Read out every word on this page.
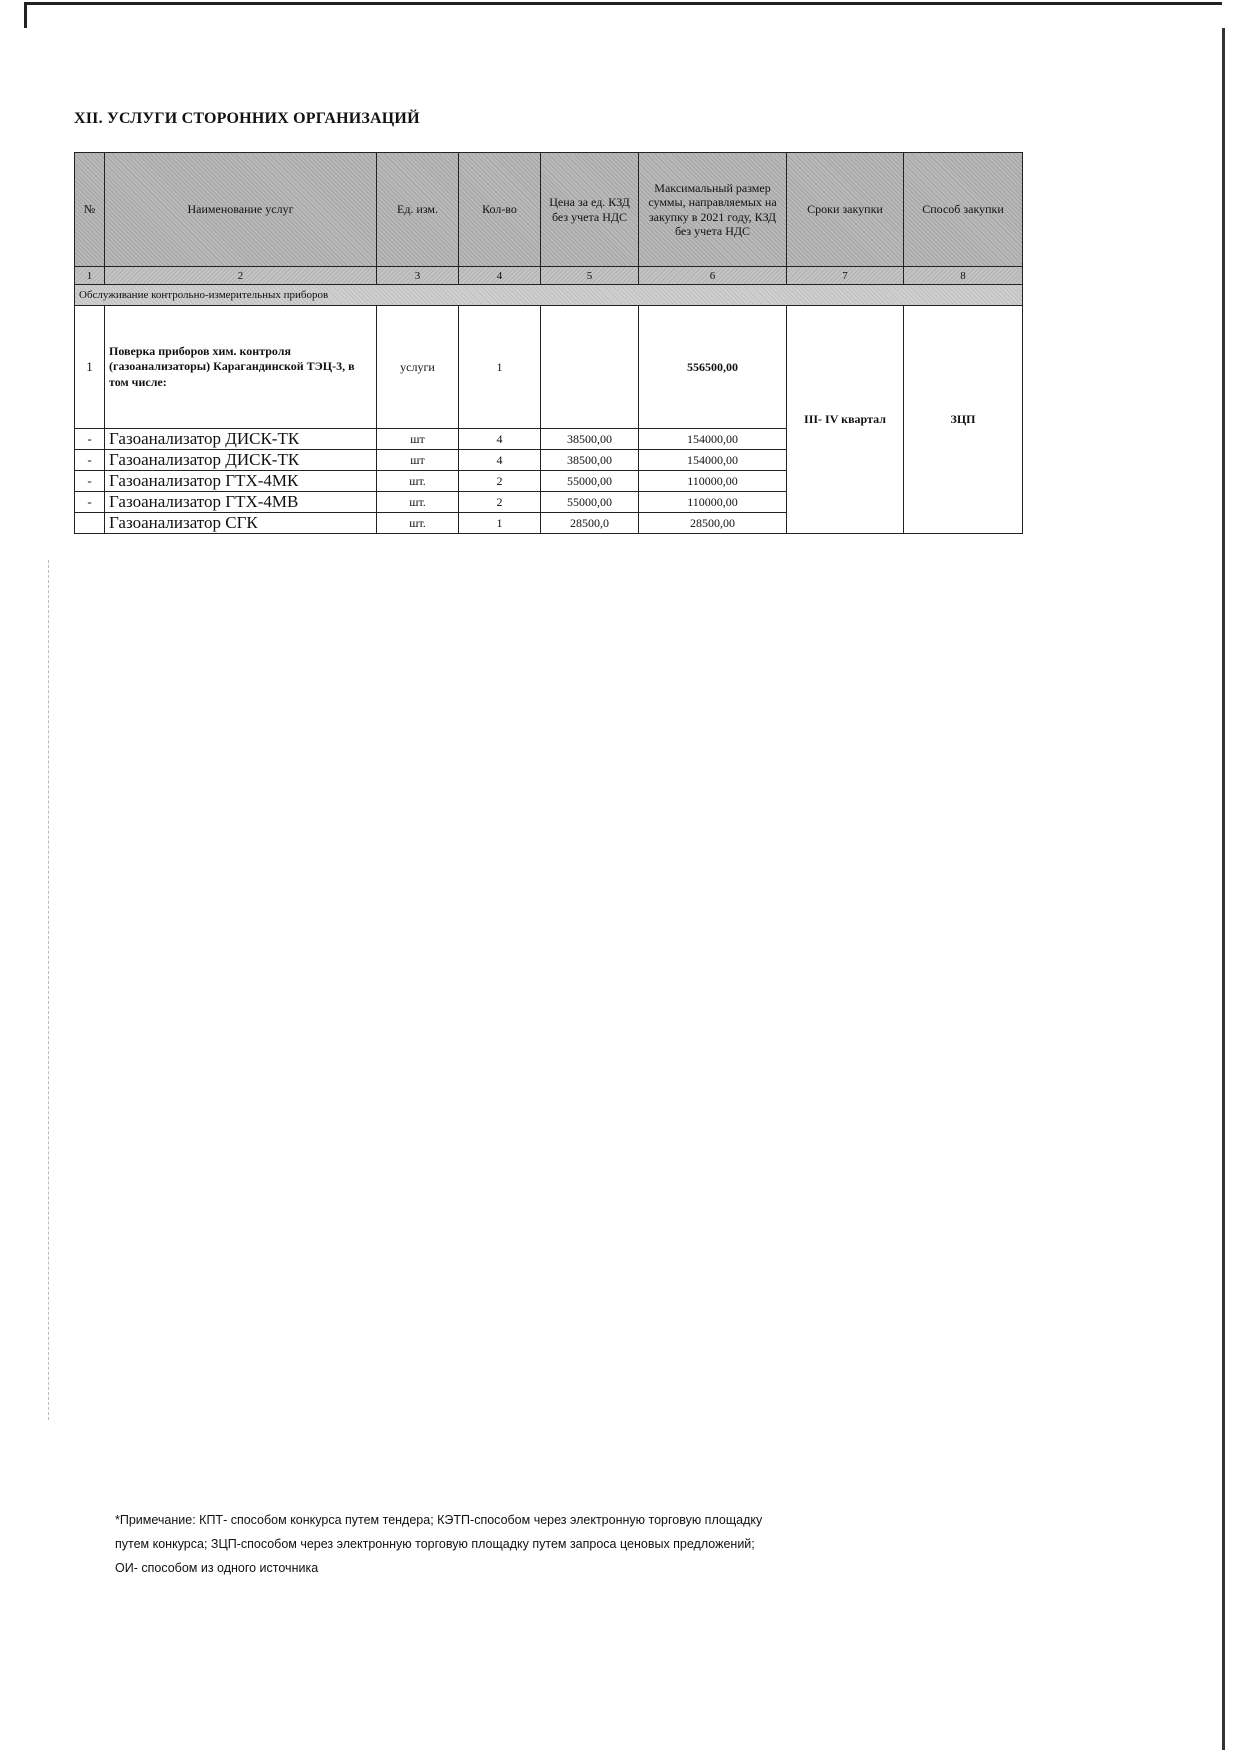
XII. УСЛУГИ СТОРОННИХ ОРГАНИЗАЦИЙ
№	Наименование услуг	Ед. изм.	Кол-во	Цена за ед. КЗД без учета НДС	Максимальный размер суммы, направляемых на закупку в 2021 году, КЗД без учета НДС	Сроки закупки	Способ закупки
1	2	3	4	5	6	7	8
Обслуживание контрольно-измерительных приборов							
1	Поверка приборов хим. контроля (газоанализаторы) Карагандинской ТЭЦ-3, в том числе:	услуги	1		556500,00	III- IV квартал	ЗЦП
-	Газоанализатор ДИСК-ТК	шт	4	38500,00	154000,00		
-	Газоанализатор ДИСК-ТК	шт	4	38500,00	154000,00		
-	Газоанализатор ГТХ-4МК	шт.	2	55000,00	110000,00		
-	Газоанализатор ГТХ-4МВ	шт.	2	55000,00	110000,00		
	Газоанализатор СГК	шт.	1	28500,0	28500,00		
*Примечание: КПТ- способом конкурса путем тендера; КЭТП-способом через электронную торговую площадку
путем конкурса; ЗЦП-способом через электронную торговую площадку путем запроса ценовых предложений;
ОИ- способом из одного источника
